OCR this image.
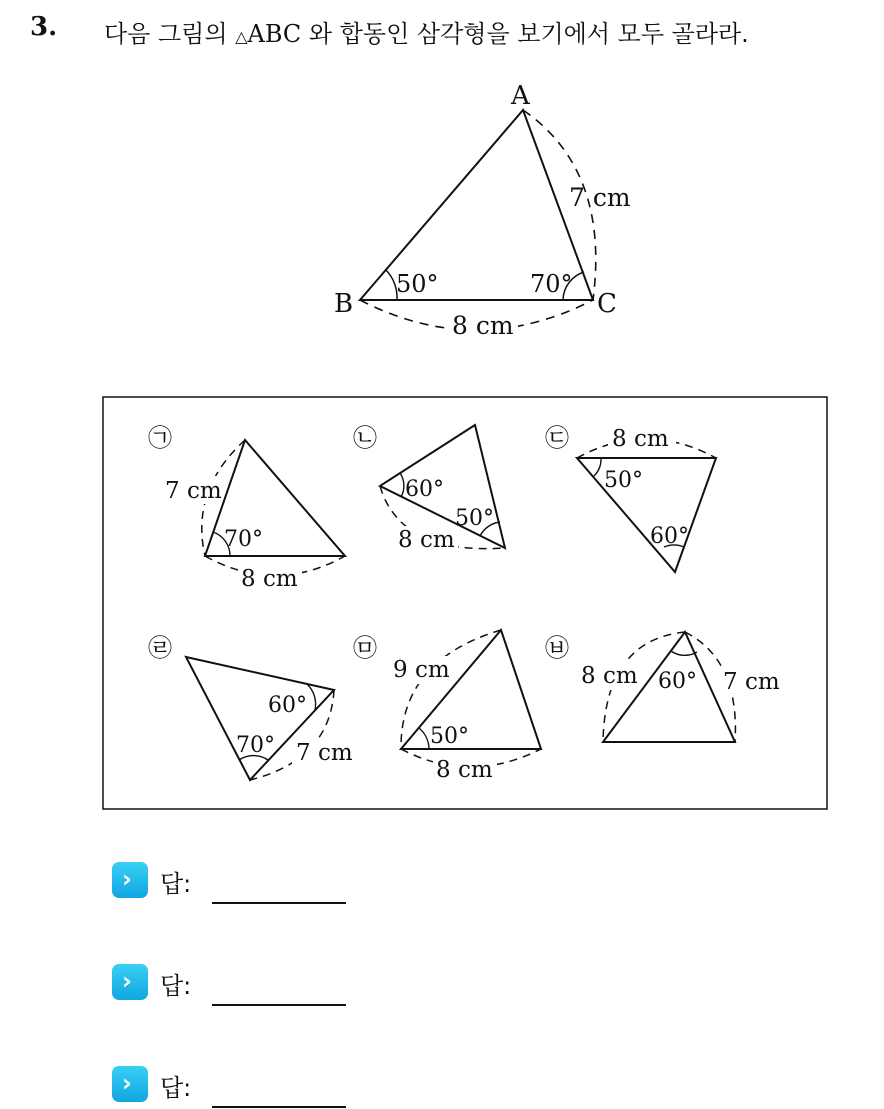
3. 다음 그림의 △ABC 와 합동인 삼각형을 보기에서 모두 골라라.
A
B	C
7 cm
8 cm
50°	70°
㉠
7 cm
8 cm
70°
㉡
60°
50°
8 cm
㉢ 8 cm
50°
60°
㉣
60°
70° 7 cm
㉤
9 cm
50°
8 cm
㉥
8 cm 60° 7 cm
› 답:
› 답:
› 답:
